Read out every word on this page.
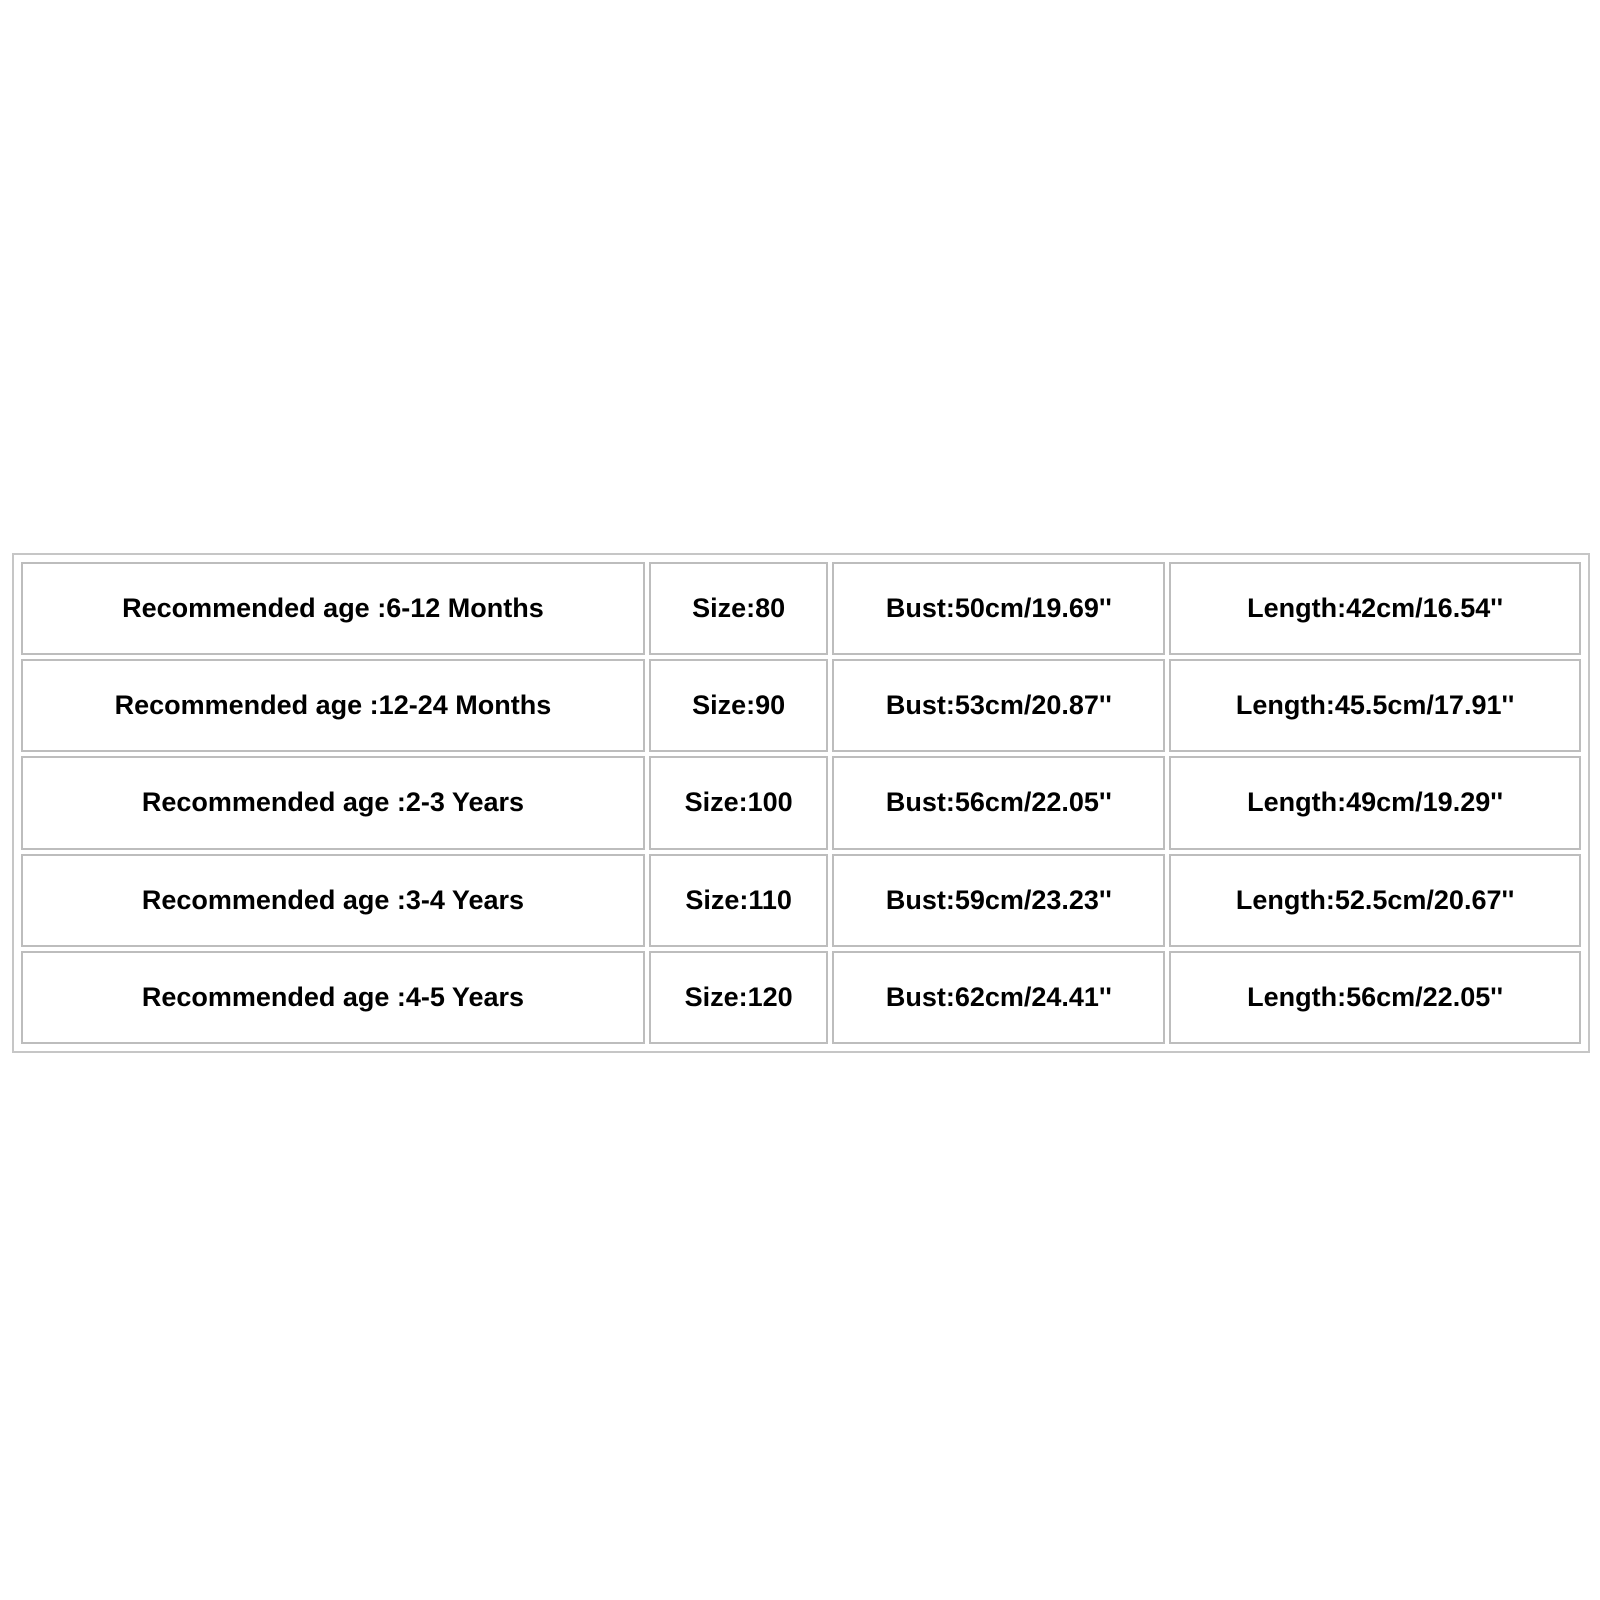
Recommended age :6-12 Months	Size:80	Bust:50cm/19.69''	Length:42cm/16.54''
Recommended age :12-24 Months	Size:90	Bust:53cm/20.87''	Length:45.5cm/17.91''
Recommended age :2-3 Years	Size:100	Bust:56cm/22.05''	Length:49cm/19.29''
Recommended age :3-4 Years	Size:110	Bust:59cm/23.23''	Length:52.5cm/20.67''
Recommended age :4-5 Years	Size:120	Bust:62cm/24.41''	Length:56cm/22.05''
